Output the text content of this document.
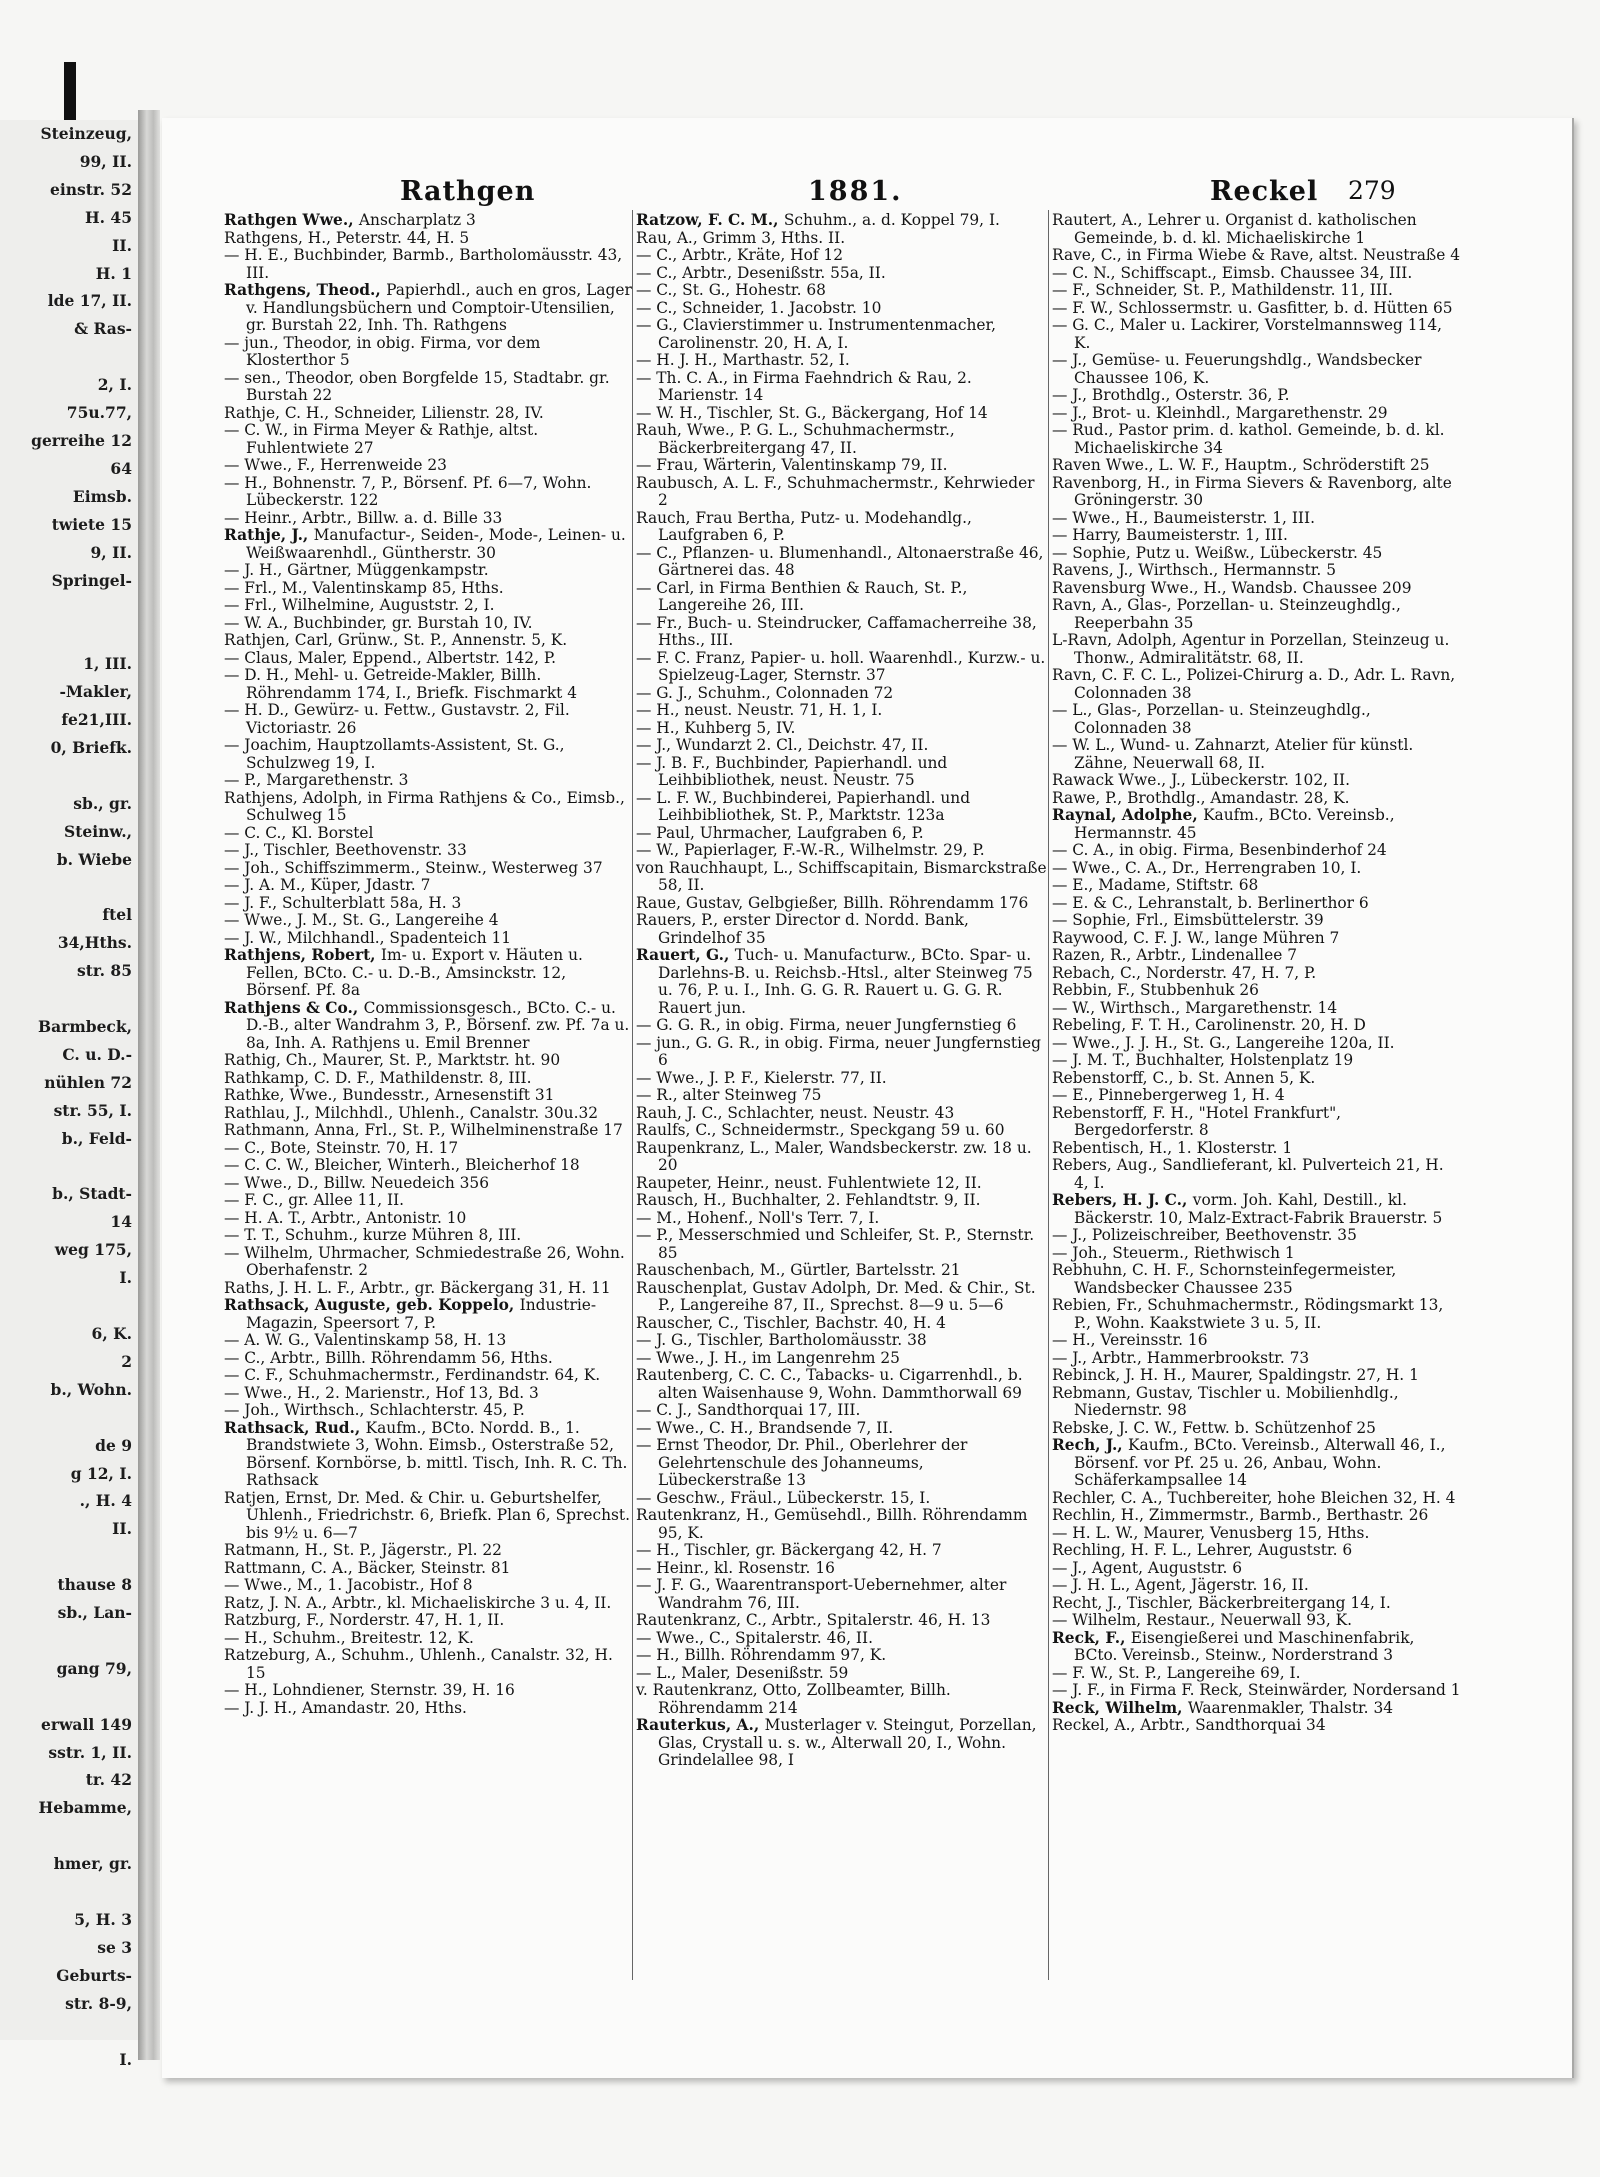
Steinzeug,
99, II.
einstr. 52
H. 45
II.
H. 1
lde 17, II.
& Ras-

2, I.
75u.77,
gerreihe 12
64
Eimsb.
twiete 15
9, II.
Springel-

1, III.
-Makler,
fe21,III.
0, Briefk.

sb., gr.
Steinw.,
b. Wiebe

ftel
34,Hths.
str. 85

Barmbeck,
C. u. D.-
nühlen 72
str. 55, I.
b., Feld-

b., Stadt-
14
weg 175,
I.

6, K.
2
b., Wohn.

de 9
g 12, I.
., H. 4
II.

thause 8
sb., Lan-

gang 79,

erwall 149
sstr. 1, II.
tr. 42
Hebamme,

hmer, gr.

5, H. 3
se 3
Geburts-
str. 8-9,

I.
Rathgen	1881.	Reckel 279
Rathgen Wwe., Anscharplatz 3
Rathgens, H., Peterstr. 44, H. 5
— H. E., Buchbinder, Barmb., Bartholomäusstr. 43, III.
Rathgens, Theod., Papierhdl., auch en gros, Lager v. Handlungsbüchern und Comptoir-Utensilien, gr. Burstah 22, Inh. Th. Rathgens
— jun., Theodor, in obig. Firma, vor dem Klosterthor 5
— sen., Theodor, oben Borgfelde 15, Stadtabr. gr. Burstah 22
Rathje, C. H., Schneider, Lilienstr. 28, IV.
— C. W., in Firma Meyer & Rathje, altst. Fuhlentwiete 27
— Wwe., F., Herrenweide 23
— H., Bohnenstr. 7, P., Börsenf. Pf. 6—7, Wohn. Lübeckerstr. 122
— Heinr., Arbtr., Billw. a. d. Bille 33
Rathje, J., Manufactur-, Seiden-, Mode-, Leinen- u. Weißwaarenhdl., Güntherstr. 30
— J. H., Gärtner, Müggenkampstr.
— Frl., M., Valentinskamp 85, Hths.
— Frl., Wilhelmine, Auguststr. 2, I.
— W. A., Buchbinder, gr. Burstah 10, IV.
Rathjen, Carl, Grünw., St. P., Annenstr. 5, K.
— Claus, Maler, Eppend., Albertstr. 142, P.
— D. H., Mehl- u. Getreide-Makler, Billh. Röhrendamm 174, I., Briefk. Fischmarkt 4
— H. D., Gewürz- u. Fettw., Gustavstr. 2, Fil. Victoriastr. 26
— Joachim, Hauptzollamts-Assistent, St. G., Schulzweg 19, I.
— P., Margarethenstr. 3
Rathjens, Adolph, in Firma Rathjens & Co., Eimsb., Schulweg 15
— C. C., Kl. Borstel
— J., Tischler, Beethovenstr. 33
— Joh., Schiffszimmerm., Steinw., Westerweg 37
— J. A. M., Küper, Jdastr. 7
— J. F., Schulterblatt 58a, H. 3
— Wwe., J. M., St. G., Langereihe 4
— J. W., Milchhandl., Spadenteich 11
Rathjens, Robert, Im- u. Export v. Häuten u. Fellen, BCto. C.- u. D.-B., Amsinckstr. 12, Börsenf. Pf. 8a
Rathjens & Co., Commissionsgesch., BCto. C.- u. D.-B., alter Wandrahm 3, P., Börsenf. zw. Pf. 7a u. 8a, Inh. A. Rathjens u. Emil Brenner
Rathig, Ch., Maurer, St. P., Marktstr. ht. 90
Rathkamp, C. D. F., Mathildenstr. 8, III.
Rathke, Wwe., Bundesstr., Arnesenstift 31
Rathlau, J., Milchhdl., Uhlenh., Canalstr. 30u.32
Rathmann, Anna, Frl., St. P., Wilhelminenstraße 17
— C., Bote, Steinstr. 70, H. 17
— C. C. W., Bleicher, Winterh., Bleicherhof 18
— Wwe., D., Billw. Neuedeich 356
— F. C., gr. Allee 11, II.
— H. A. T., Arbtr., Antonistr. 10
— T. T., Schuhm., kurze Mühren 8, III.
— Wilhelm, Uhrmacher, Schmiedestraße 26, Wohn. Oberhafenstr. 2
Raths, J. H. L. F., Arbtr., gr. Bäckergang 31, H. 11
Rathsack, Auguste, geb. Koppelo, Industrie-Magazin, Speersort 7, P.
— A. W. G., Valentinskamp 58, H. 13
— C., Arbtr., Billh. Röhrendamm 56, Hths.
— C. F., Schuhmachermstr., Ferdinandstr. 64, K.
— Wwe., H., 2. Marienstr., Hof 13, Bd. 3
— Joh., Wirthsch., Schlachterstr. 45, P.
Rathsack, Rud., Kaufm., BCto. Nordd. B., 1. Brandstwiete 3, Wohn. Eimsb., Osterstraße 52, Börsenf. Kornbörse, b. mittl. Tisch, Inh. R. C. Th. Rathsack
Ratjen, Ernst, Dr. Med. & Chir. u. Geburtshelfer, Uhlenh., Friedrichstr. 6, Briefk. Plan 6, Sprechst. bis 9½ u. 6—7
Ratmann, H., St. P., Jägerstr., Pl. 22
Rattmann, C. A., Bäcker, Steinstr. 81
— Wwe., M., 1. Jacobistr., Hof 8
Ratz, J. N. A., Arbtr., kl. Michaeliskirche 3 u. 4, II.
Ratzburg, F., Norderstr. 47, H. 1, II.
— H., Schuhm., Breitestr. 12, K.
Ratzeburg, A., Schuhm., Uhlenh., Canalstr. 32, H. 15
— H., Lohndiener, Sternstr. 39, H. 16
— J. J. H., Amandastr. 20, Hths.
Ratzow, F. C. M., Schuhm., a. d. Koppel 79, I.
Rau, A., Grimm 3, Hths. II.
— C., Arbtr., Kräte, Hof 12
— C., Arbtr., Desenißstr. 55a, II.
— C., St. G., Hohestr. 68
— C., Schneider, 1. Jacobstr. 10
— G., Clavierstimmer u. Instrumentenmacher, Carolinenstr. 20, H. A, I.
— H. J. H., Marthastr. 52, I.
— Th. C. A., in Firma Faehndrich & Rau, 2. Marienstr. 14
— W. H., Tischler, St. G., Bäckergang, Hof 14
Rauh, Wwe., P. G. L., Schuhmachermstr., Bäckerbreitergang 47, II.
— Frau, Wärterin, Valentinskamp 79, II.
Raubusch, A. L. F., Schuhmachermstr., Kehrwieder 2
Rauch, Frau Bertha, Putz- u. Modehandlg., Laufgraben 6, P.
— C., Pflanzen- u. Blumenhandl., Altonaerstraße 46, Gärtnerei das. 48
— Carl, in Firma Benthien & Rauch, St. P., Langereihe 26, III.
— Fr., Buch- u. Steindrucker, Caffamacherreihe 38, Hths., III.
— F. C. Franz, Papier- u. holl. Waarenhdl., Kurzw.- u. Spielzeug-Lager, Sternstr. 37
— G. J., Schuhm., Colonnaden 72
— H., neust. Neustr. 71, H. 1, I.
— H., Kuhberg 5, IV.
— J., Wundarzt 2. Cl., Deichstr. 47, II.
— J. B. F., Buchbinder, Papierhandl. und Leihbibliothek, neust. Neustr. 75
— L. F. W., Buchbinderei, Papierhandl. und Leihbibliothek, St. P., Marktstr. 123a
— Paul, Uhrmacher, Laufgraben 6, P.
— W., Papierlager, F.-W.-R., Wilhelmstr. 29, P.
von Rauchhaupt, L., Schiffscapitain, Bismarckstraße 58, II.
Raue, Gustav, Gelbgießer, Billh. Röhrendamm 176
Rauers, P., erster Director d. Nordd. Bank, Grindelhof 35
Rauert, G., Tuch- u. Manufacturw., BCto. Spar- u. Darlehns-B. u. Reichsb.-Htsl., alter Steinweg 75 u. 76, P. u. I., Inh. G. G. R. Rauert u. G. G. R. Rauert jun.
— G. G. R., in obig. Firma, neuer Jungfernstieg 6
— jun., G. G. R., in obig. Firma, neuer Jungfernstieg 6
— Wwe., J. P. F., Kielerstr. 77, II.
— R., alter Steinweg 75
Rauh, J. C., Schlachter, neust. Neustr. 43
Raulfs, C., Schneidermstr., Speckgang 59 u. 60
Raupenkranz, L., Maler, Wandsbeckerstr. zw. 18 u. 20
Raupeter, Heinr., neust. Fuhlentwiete 12, II.
Rausch, H., Buchhalter, 2. Fehlandtstr. 9, II.
— M., Hohenf., Noll's Terr. 7, I.
— P., Messerschmied und Schleifer, St. P., Sternstr. 85
Rauschenbach, M., Gürtler, Bartelsstr. 21
Rauschenplat, Gustav Adolph, Dr. Med. & Chir., St. P., Langereihe 87, II., Sprechst. 8—9 u. 5—6
Rauscher, C., Tischler, Bachstr. 40, H. 4
— J. G., Tischler, Bartholomäusstr. 38
— Wwe., J. H., im Langenrehm 25
Rautenberg, C. C. C., Tabacks- u. Cigarrenhdl., b. alten Waisenhause 9, Wohn. Dammthorwall 69
— C. J., Sandthorquai 17, III.
— Wwe., C. H., Brandsende 7, II.
— Ernst Theodor, Dr. Phil., Oberlehrer der Gelehrtenschule des Johanneums, Lübeckerstraße 13
— Geschw., Fräul., Lübeckerstr. 15, I.
Rautenkranz, H., Gemüsehdl., Billh. Röhrendamm 95, K.
— H., Tischler, gr. Bäckergang 42, H. 7
— Heinr., kl. Rosenstr. 16
— J. F. G., Waarentransport-Uebernehmer, alter Wandrahm 76, III.
Rautenkranz, C., Arbtr., Spitalerstr. 46, H. 13
— Wwe., C., Spitalerstr. 46, II.
— H., Billh. Röhrendamm 97, K.
— L., Maler, Desenißstr. 59
v. Rautenkranz, Otto, Zollbeamter, Billh. Röhrendamm 214
Rauterkus, A., Musterlager v. Steingut, Porzellan, Glas, Crystall u. s. w., Alterwall 20, I., Wohn. Grindelallee 98, I
Rautert, A., Lehrer u. Organist d. katholischen Gemeinde, b. d. kl. Michaeliskirche 1
Rave, C., in Firma Wiebe & Rave, altst. Neustraße 4
— C. N., Schiffscapt., Eimsb. Chaussee 34, III.
— F., Schneider, St. P., Mathildenstr. 11, III.
— F. W., Schlossermstr. u. Gasfitter, b. d. Hütten 65
— G. C., Maler u. Lackirer, Vorstelmannsweg 114, K.
— J., Gemüse- u. Feuerungshdlg., Wandsbecker Chaussee 106, K.
— J., Brothdlg., Osterstr. 36, P.
— J., Brot- u. Kleinhdl., Margarethenstr. 29
— Rud., Pastor prim. d. kathol. Gemeinde, b. d. kl. Michaeliskirche 34
Raven Wwe., L. W. F., Hauptm., Schröderstift 25
Ravenborg, H., in Firma Sievers & Ravenborg, alte Gröningerstr. 30
— Wwe., H., Baumeisterstr. 1, III.
— Harry, Baumeisterstr. 1, III.
— Sophie, Putz u. Weißw., Lübeckerstr. 45
Ravens, J., Wirthsch., Hermannstr. 5
Ravensburg Wwe., H., Wandsb. Chaussee 209
Ravn, A., Glas-, Porzellan- u. Steinzeughdlg., Reeperbahn 35
L-Ravn, Adolph, Agentur in Porzellan, Steinzeug u. Thonw., Admiralitätstr. 68, II.
Ravn, C. F. C. L., Polizei-Chirurg a. D., Adr. L. Ravn, Colonnaden 38
— L., Glas-, Porzellan- u. Steinzeughdlg., Colonnaden 38
— W. L., Wund- u. Zahnarzt, Atelier für künstl. Zähne, Neuerwall 68, II.
Rawack Wwe., J., Lübeckerstr. 102, II.
Rawe, P., Brothdlg., Amandastr. 28, K.
Raynal, Adolphe, Kaufm., BCto. Vereinsb., Hermannstr. 45
— C. A., in obig. Firma, Besenbinderhof 24
— Wwe., C. A., Dr., Herrengraben 10, I.
— E., Madame, Stiftstr. 68
— E. & C., Lehranstalt, b. Berlinerthor 6
— Sophie, Frl., Eimsbüttelerstr. 39
Raywood, C. F. J. W., lange Mühren 7
Razen, R., Arbtr., Lindenallee 7
Rebach, C., Norderstr. 47, H. 7, P.
Rebbin, F., Stubbenhuk 26
— W., Wirthsch., Margarethenstr. 14
Rebeling, F. T. H., Carolinenstr. 20, H. D
— Wwe., J. J. H., St. G., Langereihe 120a, II.
— J. M. T., Buchhalter, Holstenplatz 19
Rebenstorff, C., b. St. Annen 5, K.
— E., Pinnebergerweg 1, H. 4
Rebenstorff, F. H., "Hotel Frankfurt", Bergedorferstr. 8
Rebentisch, H., 1. Klosterstr. 1
Rebers, Aug., Sandlieferant, kl. Pulverteich 21, H. 4, I.
Rebers, H. J. C., vorm. Joh. Kahl, Destill., kl. Bäckerstr. 10, Malz-Extract-Fabrik Brauerstr. 5
— J., Polizeischreiber, Beethovenstr. 35
— Joh., Steuerm., Riethwisch 1
Rebhuhn, C. H. F., Schornsteinfegermeister, Wandsbecker Chaussee 235
Rebien, Fr., Schuhmachermstr., Rödingsmarkt 13, P., Wohn. Kaakstwiete 3 u. 5, II.
— H., Vereinsstr. 16
— J., Arbtr., Hammerbrookstr. 73
Rebinck, J. H. H., Maurer, Spaldingstr. 27, H. 1
Rebmann, Gustav, Tischler u. Mobilienhdlg., Niedernstr. 98
Rebske, J. C. W., Fettw. b. Schützenhof 25
Rech, J., Kaufm., BCto. Vereinsb., Alterwall 46, I., Börsenf. vor Pf. 25 u. 26, Anbau, Wohn. Schäferkampsallee 14
Rechler, C. A., Tuchbereiter, hohe Bleichen 32, H. 4
Rechlin, H., Zimmermstr., Barmb., Berthastr. 26
— H. L. W., Maurer, Venusberg 15, Hths.
Rechling, H. F. L., Lehrer, Auguststr. 6
— J., Agent, Auguststr. 6
— J. H. L., Agent, Jägerstr. 16, II.
Recht, J., Tischler, Bäckerbreitergang 14, I.
— Wilhelm, Restaur., Neuerwall 93, K.
Reck, F., Eisengießerei und Maschinenfabrik, BCto. Vereinsb., Steinw., Norderstrand 3
— F. W., St. P., Langereihe 69, I.
— J. F., in Firma F. Reck, Steinwärder, Nordersand 1
Reck, Wilhelm, Waarenmakler, Thalstr. 34
Reckel, A., Arbtr., Sandthorquai 34
